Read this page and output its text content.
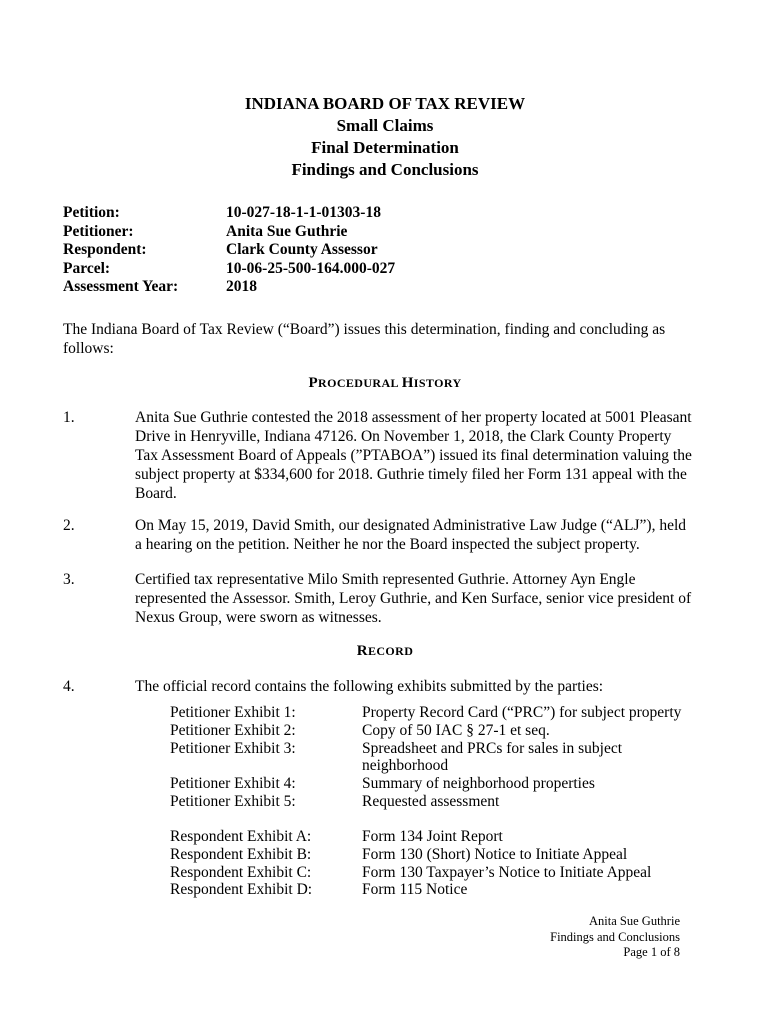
INDIANA BOARD OF TAX REVIEW
Small Claims
Final Determination
Findings and Conclusions
Petition:	10-027-18-1-1-01303-18
Petitioner:	Anita Sue Guthrie
Respondent:	Clark County Assessor
Parcel:	10-06-25-500-164.000-027
Assessment Year:	2018
The Indiana Board of Tax Review (“Board”) issues this determination, finding and concluding as follows:
PROCEDURAL HISTORY
1.	Anita Sue Guthrie contested the 2018 assessment of her property located at 5001 Pleasant Drive in Henryville, Indiana 47126. On November 1, 2018, the Clark County Property Tax Assessment Board of Appeals (”PTABOA”) issued its final determination valuing the subject property at $334,600 for 2018. Guthrie timely filed her Form 131 appeal with the Board.
2.	On May 15, 2019, David Smith, our designated Administrative Law Judge (“ALJ”), held a hearing on the petition. Neither he nor the Board inspected the subject property.
3.	Certified tax representative Milo Smith represented Guthrie. Attorney Ayn Engle represented the Assessor. Smith, Leroy Guthrie, and Ken Surface, senior vice president of Nexus Group, were sworn as witnesses.
RECORD
4.	The official record contains the following exhibits submitted by the parties:
Petitioner Exhibit 1:	Property Record Card (“PRC”) for subject property
Petitioner Exhibit 2:	Copy of 50 IAC § 27-1 et seq.
Petitioner Exhibit 3:	Spreadsheet and PRCs for sales in subject neighborhood
Petitioner Exhibit 4:	Summary of neighborhood properties
Petitioner Exhibit 5:	Requested assessment
Respondent Exhibit A:	Form 134 Joint Report
Respondent Exhibit B:	Form 130 (Short) Notice to Initiate Appeal
Respondent Exhibit C:	Form 130 Taxpayer’s Notice to Initiate Appeal
Respondent Exhibit D:	Form 115 Notice
Anita Sue Guthrie
Findings and Conclusions
Page 1 of 8
